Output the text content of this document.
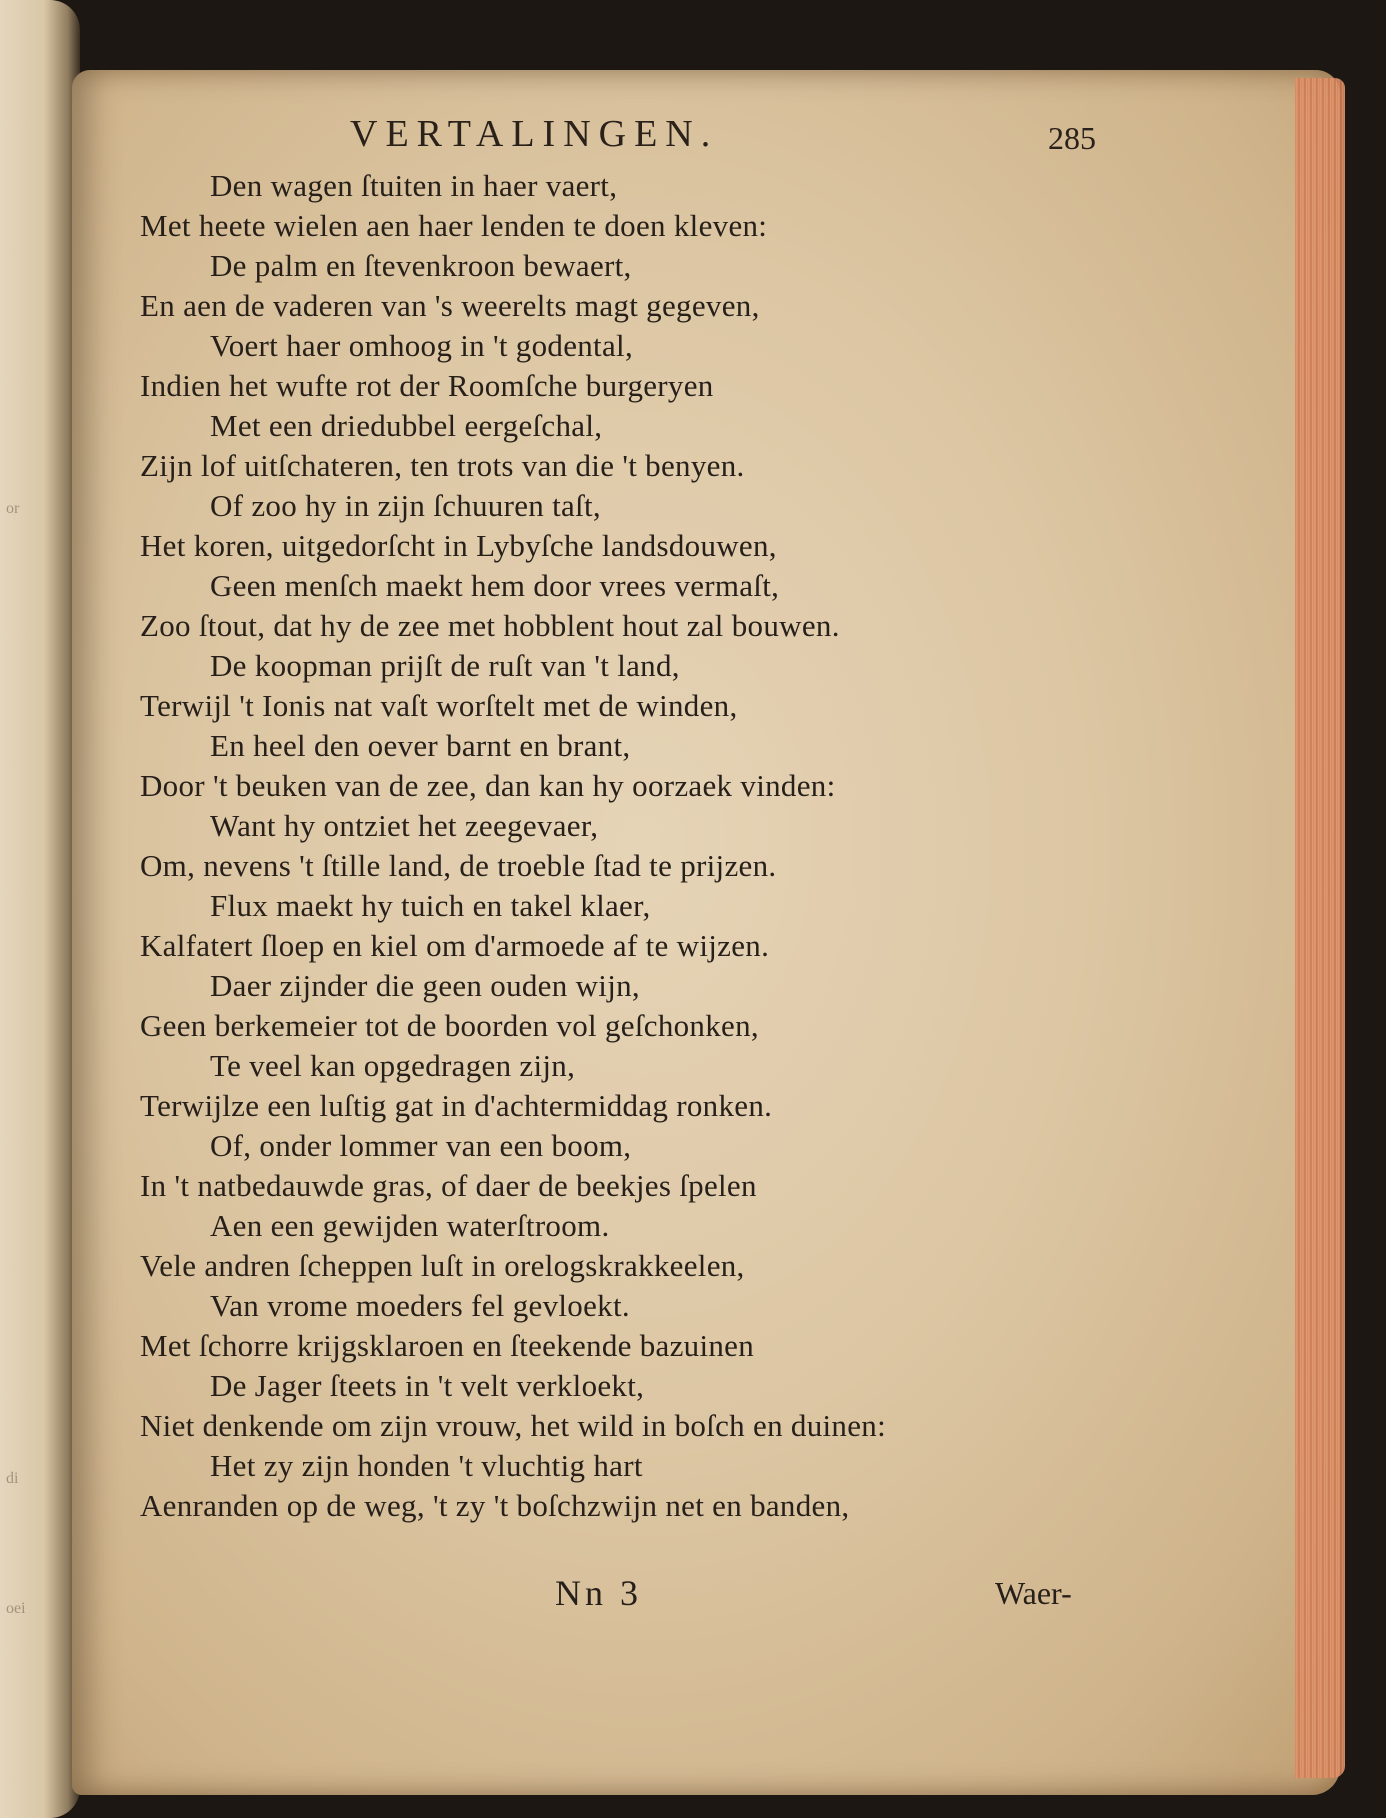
or
di
oei
VERTALINGEN.	285
Den wagen ſtuiten in haer vaert,
Met heete wielen aen haer lenden te doen kleven:
De palm en ſtevenkroon bewaert,
En aen de vaderen van 's weerelts magt gegeven,
Voert haer omhoog in 't godental,
Indien het wufte rot der Roomſche burgeryen
Met een driedubbel eergeſchal,
Zijn lof uitſchateren, ten trots van die 't benyen.
Of zoo hy in zijn ſchuuren taſt,
Het koren, uitgedorſcht in Lybyſche landsdouwen,
Geen menſch maekt hem door vrees vermaſt,
Zoo ſtout, dat hy de zee met hobblent hout zal bouwen.
De koopman prijſt de ruſt van 't land,
Terwijl 't Ionis nat vaſt worſtelt met de winden,
En heel den oever barnt en brant,
Door 't beuken van de zee, dan kan hy oorzaek vinden:
Want hy ontziet het zeegevaer,
Om, nevens 't ſtille land, de troeble ſtad te prijzen.
Flux maekt hy tuich en takel klaer,
Kalfatert ſloep en kiel om d'armoede af te wijzen.
Daer zijnder die geen ouden wijn,
Geen berkemeier tot de boorden vol geſchonken,
Te veel kan opgedragen zijn,
Terwijlze een luſtig gat in d'achtermiddag ronken.
Of, onder lommer van een boom,
In 't natbedauwde gras, of daer de beekjes ſpelen
Aen een gewijden waterſtroom.
Vele andren ſcheppen luſt in orelogskrakkeelen,
Van vrome moeders fel gevloekt.
Met ſchorre krijgsklaroen en ſteekende bazuinen
De Jager ſteets in 't velt verkloekt,
Niet denkende om zijn vrouw, het wild in boſch en duinen:
Het zy zijn honden 't vluchtig hart
Aenranden op de weg, 't zy 't boſchzwijn net en banden,
Nn 3	Waer-
